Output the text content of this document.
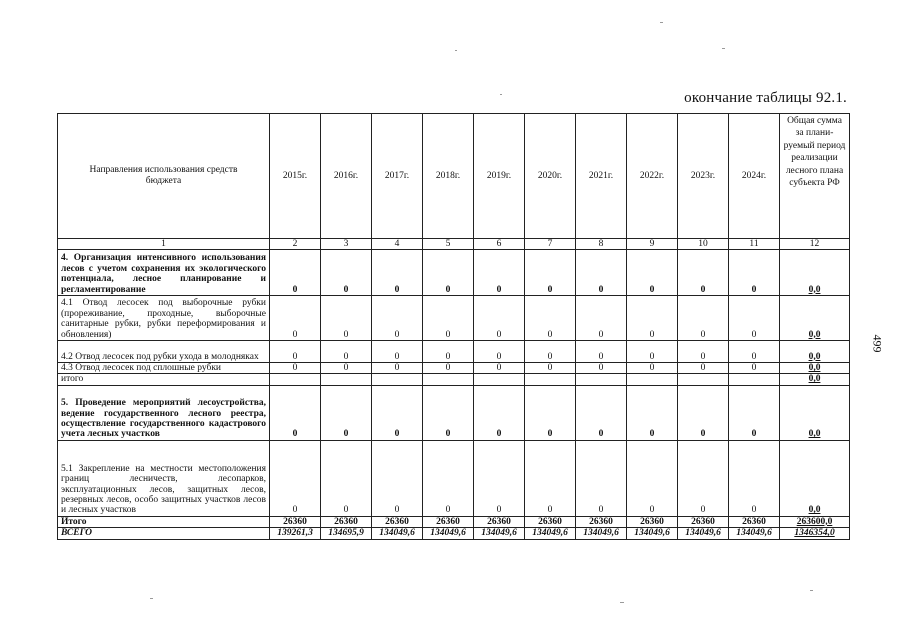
окончание таблицы 92.1.
499
Направления использования средств бюджета	2015г.	2016г.	2017г.	2018г.	2019г.	2020г.	2021г.	2022г.	2023г.	2024г.	Общая сумма за плани-руемый период реализации лесного плана субъекта РФ
1	2	3	4	5	6	7	8	9	10	11	12
4. Организация интенсивного использования лесов с учетом сохранения их экологического потенциала, лесное планирование и регламентирование	0	0	0	0	0	0	0	0	0	0	0,0
4.1 Отвод лесосек под выборочные рубки (прореживание, проходные, выборочные санитарные рубки, рубки переформирования и обновления)	0	0	0	0	0	0	0	0	0	0	0,0
4.2 Отвод лесосек под рубки ухода в молодняках	0	0	0	0	0	0	0	0	0	0	0,0
4.3 Отвод лесосек под сплошные рубки	0	0	0	0	0	0	0	0	0	0	0,0
итого											0,0
5. Проведение мероприятий лесоустройства, ведение государственного лесного реестра, осуществление государственного кадастрового учета лесных участков	0	0	0	0	0	0	0	0	0	0	0,0
5.1 Закрепление на местности местоположения границ лесничеств, лесопарков, эксплуатационных лесов, защитных лесов, резервных лесов, особо защитных участков лесов и лесных участков	0	0	0	0	0	0	0	0	0	0	0,0
Итого	26360	26360	26360	26360	26360	26360	26360	26360	26360	26360	263600,0
ВСЕГО	139261,3	134695,9	134049,6	134049,6	134049,6	134049,6	134049,6	134049,6	134049,6	134049,6	1346354,0
